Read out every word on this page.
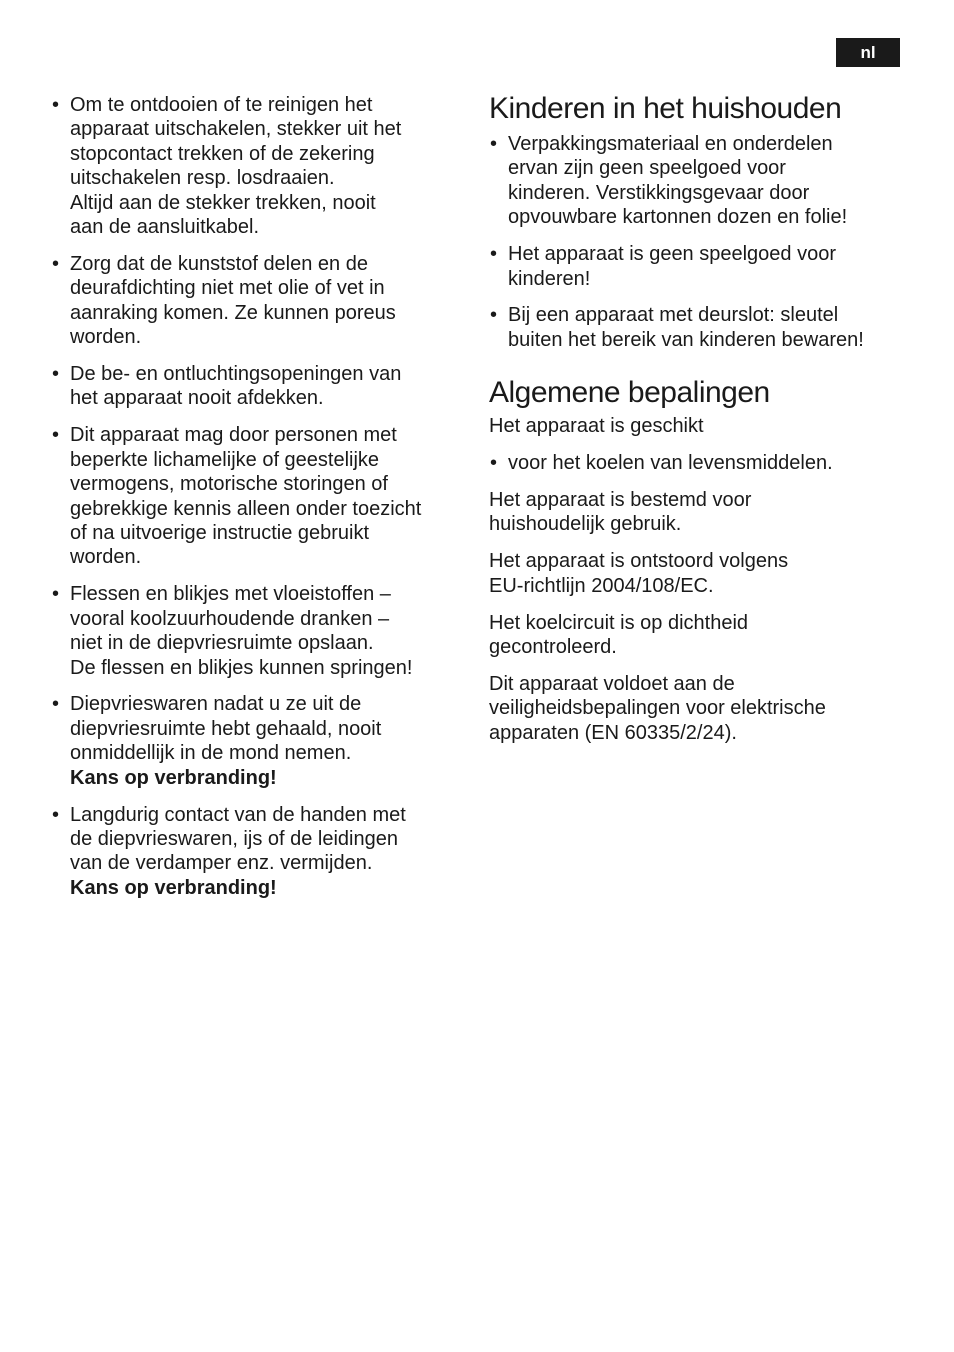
nl
• Om te ontdooien of te reinigen het
apparaat uitschakelen, stekker uit het
stopcontact trekken of de zekering
uitschakelen resp. losdraaien.
Altijd aan de stekker trekken, nooit
aan de aansluitkabel.
• Zorg dat de kunststof delen en de
deurafdichting niet met olie of vet in
aanraking komen. Ze kunnen poreus
worden.
• De be- en ontluchtingsopeningen van
het apparaat nooit afdekken.
• Dit apparaat mag door personen met
beperkte lichamelijke of geestelijke
vermogens, motorische storingen of
gebrekkige kennis alleen onder toezicht
of na uitvoerige instructie gebruikt
worden.
• Flessen en blikjes met vloeistoffen –
vooral koolzuurhoudende dranken –
niet in de diepvriesruimte opslaan.
De flessen en blikjes kunnen springen!
• Diepvrieswaren nadat u ze uit de
diepvriesruimte hebt gehaald, nooit
onmiddellijk in de mond nemen.
Kans op verbranding!
• Langdurig contact van de handen met
de diepvrieswaren, ijs of de leidingen
van de verdamper enz. vermijden.
Kans op verbranding!
Kinderen in het huishouden
• Verpakkingsmateriaal en onderdelen
ervan zijn geen speelgoed voor
kinderen. Verstikkingsgevaar door
opvouwbare kartonnen dozen en folie!
• Het apparaat is geen speelgoed voor
kinderen!
• Bij een apparaat met deurslot: sleutel
buiten het bereik van kinderen bewaren!
Algemene bepalingen

Het apparaat is geschikt

• voor het koelen van levensmiddelen.

Het apparaat is bestemd voor
huishoudelijk gebruik.

Het apparaat is ontstoord volgens
EU-richtlijn 2004/108/EC.

Het koelcircuit is op dichtheid
gecontroleerd.

Dit apparaat voldoet aan de
veiligheidsbepalingen voor elektrische
apparaten (EN 60335/2/24).
